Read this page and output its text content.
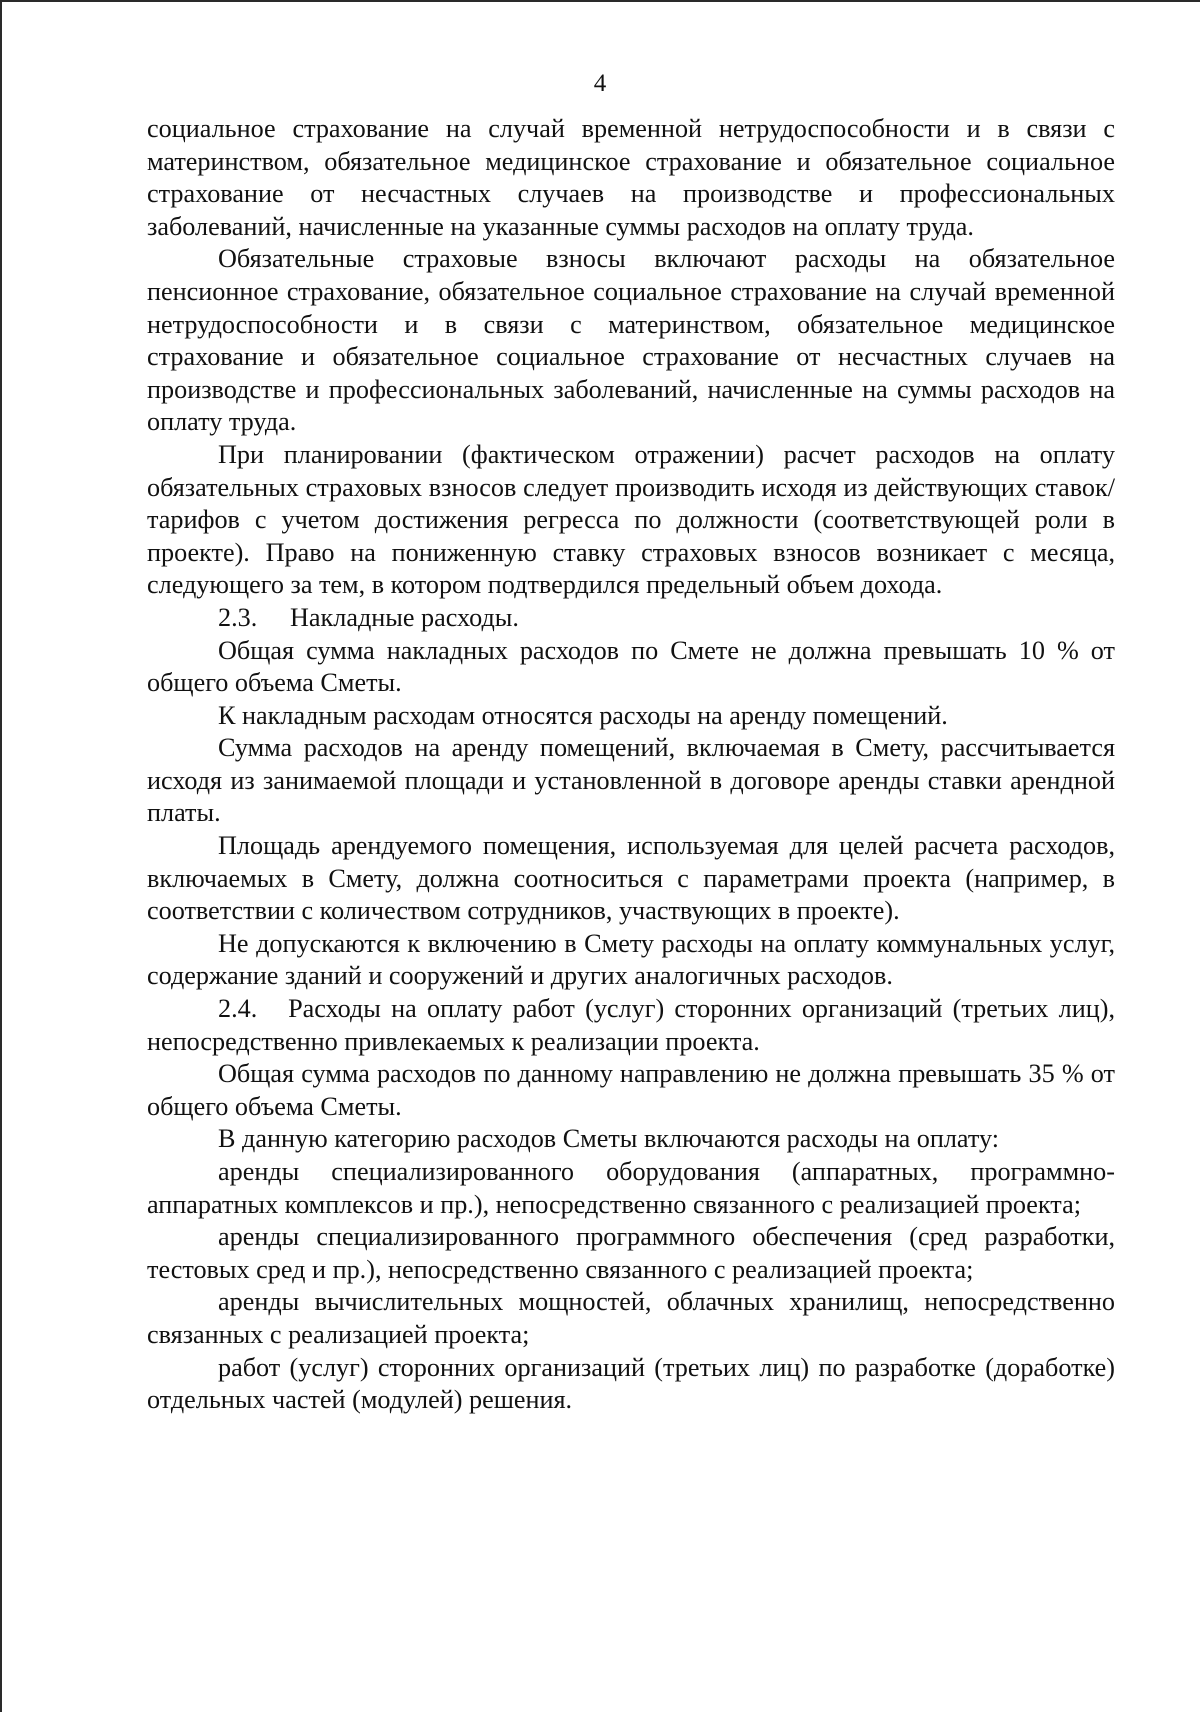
4

социальное страхование на случай временной нетрудоспособности и в связи с материнством, обязательное медицинское страхование и обязательное социальное страхование от несчастных случаев на производстве и профессиональных заболеваний, начисленные на указанные суммы расходов на оплату труда.

Обязательные страховые взносы включают расходы на обязательное пенсионное страхование, обязательное социальное страхование на случай временной нетрудоспособности и в связи с материнством, обязательное медицинское страхование и обязательное социальное страхование от несчастных случаев на производстве и профессиональных заболеваний, начисленные на суммы расходов на оплату труда.

При планировании (фактическом отражении) расчет расходов на оплату обязательных страховых взносов следует производить исходя из действующих ставок/тарифов с учетом достижения регресса по должности (соответствующей роли в проекте). Право на пониженную ставку страховых взносов возникает с месяца, следующего за тем, в котором подтвердился предельный объем дохода.

2.3. Накладные расходы.

Общая сумма накладных расходов по Смете не должна превышать 10 % от общего объема Сметы.

К накладным расходам относятся расходы на аренду помещений.

Сумма расходов на аренду помещений, включаемая в Смету, рассчитывается исходя из занимаемой площади и установленной в договоре аренды ставки арендной платы.

Площадь арендуемого помещения, используемая для целей расчета расходов, включаемых в Смету, должна соотноситься с параметрами проекта (например, в соответствии с количеством сотрудников, участвующих в проекте).

Не допускаются к включению в Смету расходы на оплату коммунальных услуг, содержание зданий и сооружений и других аналогичных расходов.

2.4. Расходы на оплату работ (услуг) сторонних организаций (третьих лиц), непосредственно привлекаемых к реализации проекта.

Общая сумма расходов по данному направлению не должна превышать 35 % от общего объема Сметы.

В данную категорию расходов Сметы включаются расходы на оплату:

аренды специализированного оборудования (аппаратных, программно-аппаратных комплексов и пр.), непосредственно связанного с реализацией проекта;

аренды специализированного программного обеспечения (сред разработки, тестовых сред и пр.), непосредственно связанного с реализацией проекта;

аренды вычислительных мощностей, облачных хранилищ, непосредственно связанных с реализацией проекта;

работ (услуг) сторонних организаций (третьих лиц) по разработке (доработке) отдельных частей (модулей) решения.
